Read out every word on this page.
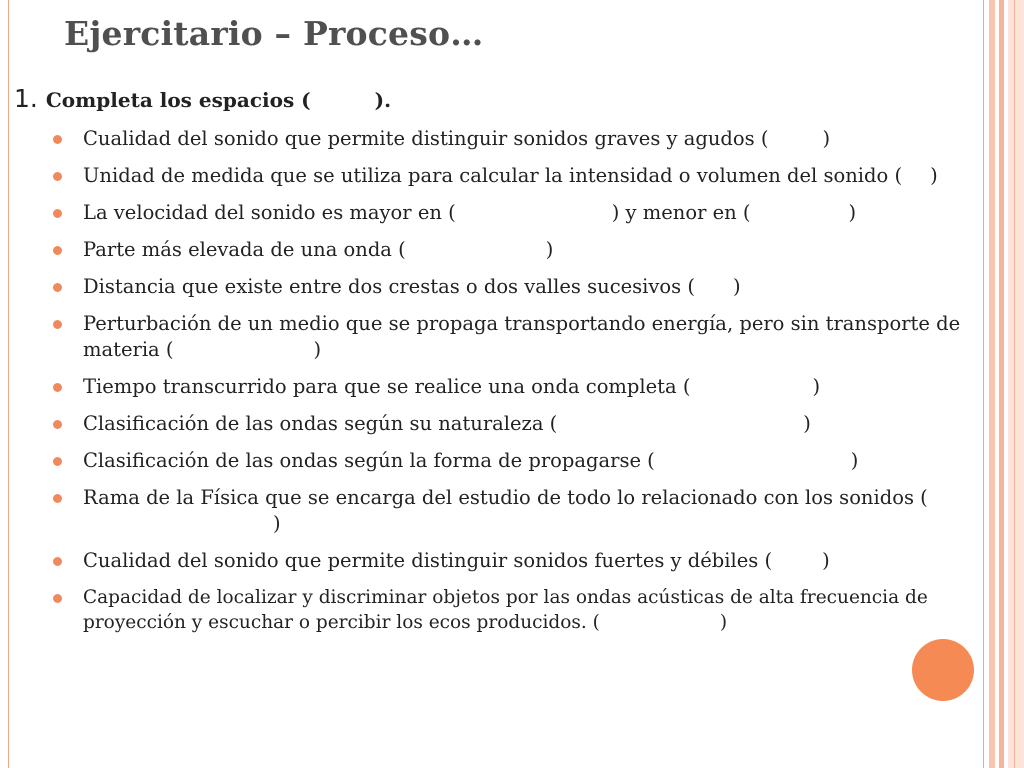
Ejercitario – Proceso…
1. Completa los espacios (	).
Cualidad del sonido que permite distinguir sonidos graves y agudos (	)
Unidad de medida que se utiliza para calcular la intensidad o volumen del sonido ( )
La velocidad del sonido es mayor en (	) y menor en (	)
Parte más elevada de una onda (	)
Distancia que existe entre dos crestas o dos valles sucesivos ( )
Perturbación de un medio que se propaga transportando energía, pero sin transporte de materia (	)
Tiempo transcurrido para que se realice una onda completa (	)
Clasificación de las ondas según su naturaleza (	)
Clasificación de las ondas según la forma de propagarse (	)
Rama de la Física que se encarga del estudio de todo lo relacionado con los sonidos ()
Cualidad del sonido que permite distinguir sonidos fuertes y débiles (	)
Capacidad de localizar y discriminar objetos por las ondas acústicas de alta frecuencia de proyección y escuchar o percibir los ecos producidos. (	)
